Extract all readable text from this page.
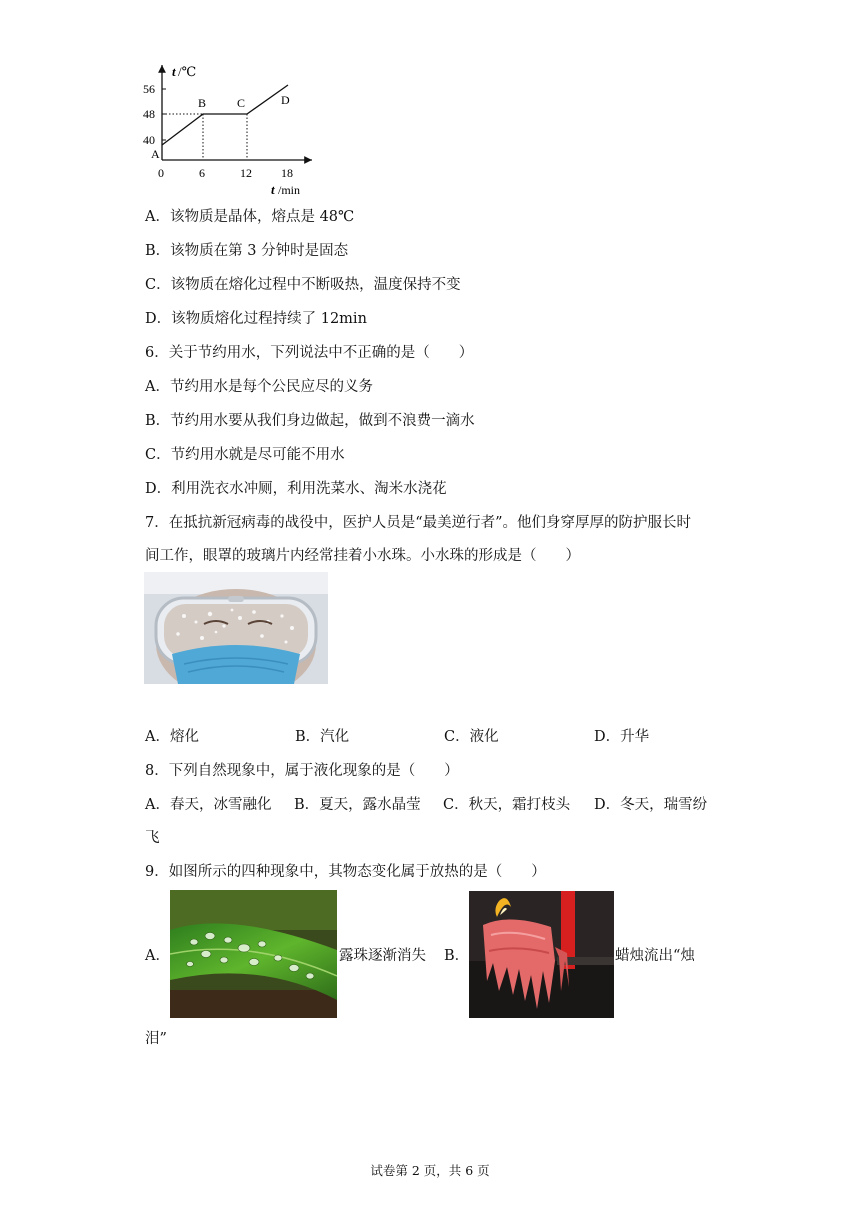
t /℃
56
48
40
A
B	C	D
0	6	12 18
t /min
A．该物质是晶体，熔点是 48℃
B．该物质在第 3 分钟时是固态
C．该物质在熔化过程中不断吸热，温度保持不变
D．该物质熔化过程持续了 12min
6．关于节约用水，下列说法中不正确的是（　　）
A．节约用水是每个公民应尽的义务
B．节约用水要从我们身边做起，做到不浪费一滴水
C．节约用水就是尽可能不用水
D．利用洗衣水冲厕，利用洗菜水、淘米水浇花
7．在抵抗新冠病毒的战役中，医护人员是“最美逆行者”。他们身穿厚厚的防护服长时
间工作，眼罩的玻璃片内经常挂着小水珠。小水珠的形成是（　　）
A．熔化	B．汽化	C．液化	D．升华
8．下列自然现象中，属于液化现象的是（　　）
A．春天，冰雪融化 B．夏天，露水晶莹 C．秋天，霜打枝头 D．冬天，瑞雪纷
飞
9．如图所示的四种现象中，其物态变化属于放热的是（　　）
A．	露珠逐渐消失 B．	蜡烛流出“烛
泪”
试卷第 2 页，共 6 页
